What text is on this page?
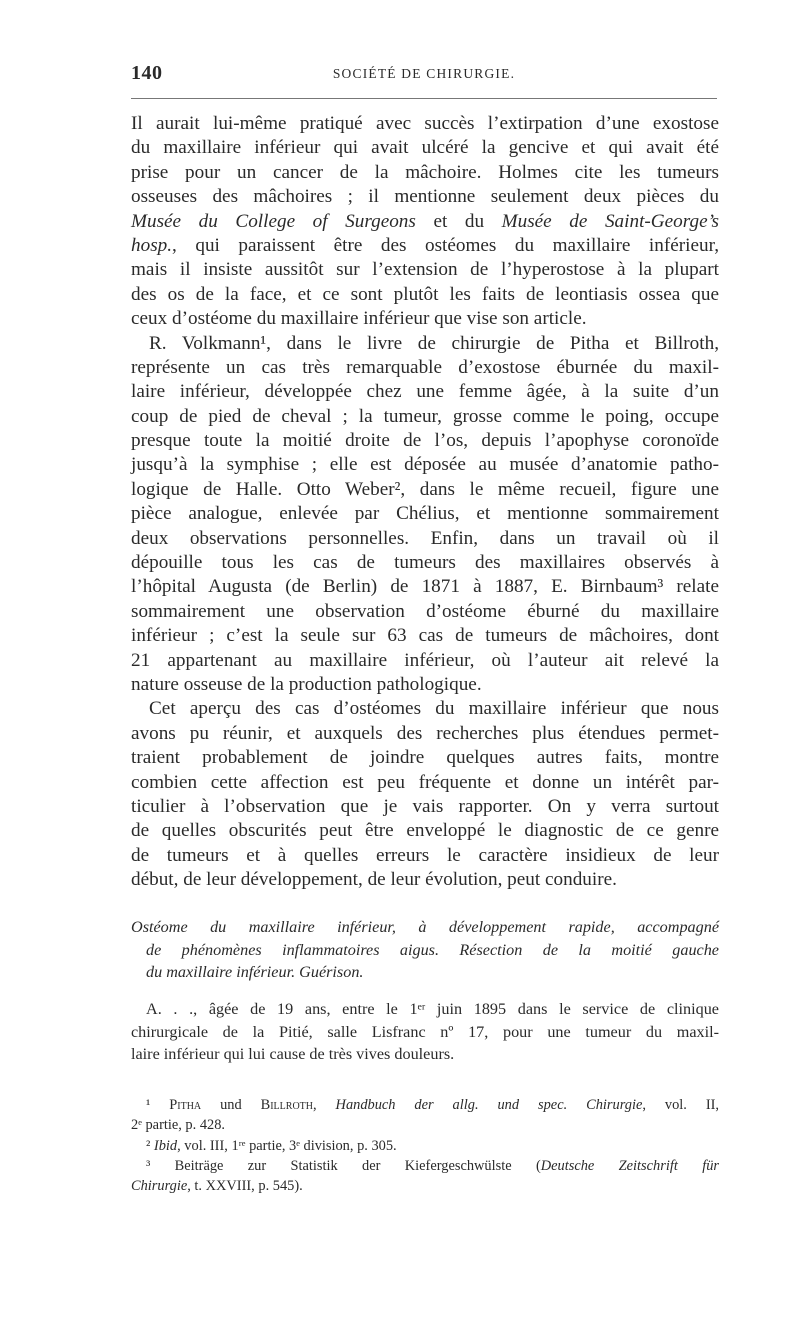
140	SOCIÉTÉ DE CHIRURGIE.
Il aurait lui-même pratiqué avec succès l’extirpation d’une exostose
du maxillaire inférieur qui avait ulcéré la gencive et qui avait été
prise pour un cancer de la mâchoire. Holmes cite les tumeurs
osseuses des mâchoires ; il mentionne seulement deux pièces du
Musée du College of Surgeons et du Musée de Saint-George’s
hosp., qui paraissent être des ostéomes du maxillaire inférieur,
mais il insiste aussitôt sur l’extension de l’hyperostose à la plupart
des os de la face, et ce sont plutôt les faits de leontiasis ossea que
ceux d’ostéome du maxillaire inférieur que vise son article.
R. Volkmann¹, dans le livre de chirurgie de Pitha et Billroth,
représente un cas très remarquable d’exostose éburnée du maxil-
laire inférieur, développée chez une femme âgée, à la suite d’un
coup de pied de cheval ; la tumeur, grosse comme le poing, occupe
presque toute la moitié droite de l’os, depuis l’apophyse coronoïde
jusqu’à la symphise ; elle est déposée au musée d’anatomie patho-
logique de Halle. Otto Weber², dans le même recueil, figure une
pièce analogue, enlevée par Chélius, et mentionne sommairement
deux observations personnelles. Enfin, dans un travail où il
dépouille tous les cas de tumeurs des maxillaires observés à
l’hôpital Augusta (de Berlin) de 1871 à 1887, E. Birnbaum³ relate
sommairement une observation d’ostéome éburné du maxillaire
inférieur ; c’est la seule sur 63 cas de tumeurs de mâchoires, dont
21 appartenant au maxillaire inférieur, où l’auteur ait relevé la
nature osseuse de la production pathologique.
Cet aperçu des cas d’ostéomes du maxillaire inférieur que nous
avons pu réunir, et auxquels des recherches plus étendues permet-
traient probablement de joindre quelques autres faits, montre
combien cette affection est peu fréquente et donne un intérêt par-
ticulier à l’observation que je vais rapporter. On y verra surtout
de quelles obscurités peut être enveloppé le diagnostic de ce genre
de tumeurs et à quelles erreurs le caractère insidieux de leur
début, de leur développement, de leur évolution, peut conduire.
Ostéome du maxillaire inférieur, à développement rapide, accompagné
de phénomènes inflammatoires aigus. Résection de la moitié gauche
du maxillaire inférieur. Guérison.
A. . ., âgée de 19 ans, entre le 1ᵉʳ juin 1895 dans le service de clinique
chirurgicale de la Pitié, salle Lisfranc nº 17, pour une tumeur du maxil-
laire inférieur qui lui cause de très vives douleurs.
¹ Pitha und Billroth, Handbuch der allg. und spec. Chirurgie, vol. II,
2ᵉ partie, p. 428.
² Ibid, vol. III, 1ʳᵉ partie, 3ᵉ division, p. 305.
³ Beiträge zur Statistik der Kiefergeschwülste (Deutsche Zeitschrift für
Chirurgie, t. XXVIII, p. 545).
